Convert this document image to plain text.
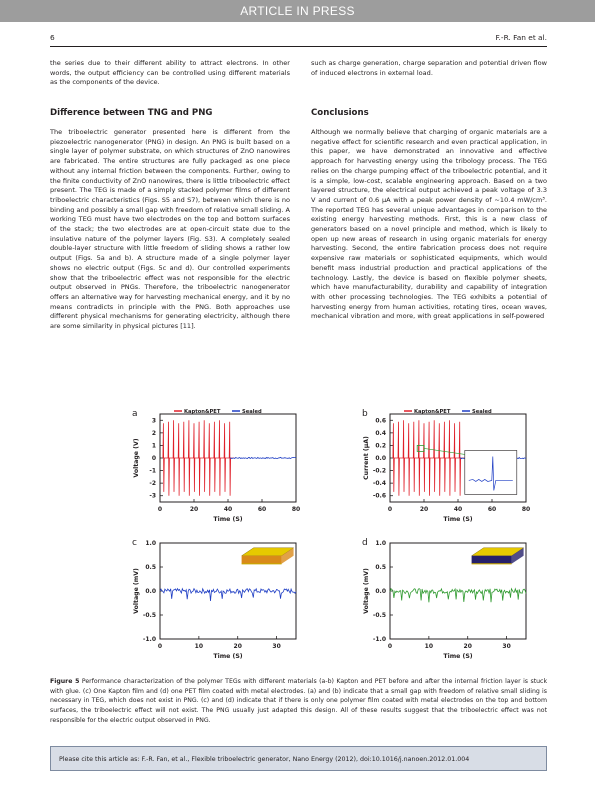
ARTICLE IN PRESS
6	F.-R. Fan et al.

the series due to their different ability to attract electrons. In other words, the output efficiency can be controlled using different materials as the components of the device.

Difference between TNG and PNG

The triboelectric generator presented here is different from the piezoelectric nanogenerator (PNG) in design. An PNG is built based on a single layer of polymer substrate, on which structures of ZnO nanowires are fabricated. The entire structures are fully packaged as one piece without any internal friction between the components. Further, owing to the finite conductivity of ZnO nanowires, there is little triboelectric effect present. The TEG is made of a simply stacked polymer films of different triboelectric characteristics (Figs. S5 and S7), between which there is no binding and possibly a small gap with freedom of relative small sliding. A working TEG must have two electrodes on the top and bottom surfaces of the stack; the two electrodes are at open-circuit state due to the insulative nature of the polymer layers (Fig. S3). A completely sealed double-layer structure with little freedom of sliding shows a rather low output (Figs. 5a and b). A structure made of a single polymer layer shows no electric output (Figs. 5c and d). Our controlled experiments show that the triboelectric effect was not responsible for the electric output observed in PNGs. Therefore, the triboelectric nanogenerator offers an alternative way for harvesting mechanical energy, and it by no means contradicts in principle with the PNG. Both approaches use different physical mechanisms for generating electricity, although there are some similarity in physical pictures [11].

such as charge generation, charge separation and potential driven flow of induced electrons in external load.

Conclusions

Although we normally believe that charging of organic materials are a negative effect for scientific research and even practical application, in this paper, we have demonstrated an innovative and effective approach for harvesting energy using the tribology process. The TEG relies on the charge pumping effect of the triboelectric potential, and it is a simple, low-cost, scalable engineering approach. Based on a two layered structure, the electrical output achieved a peak voltage of 3.3 V and current of 0.6 μA with a peak power density of ~10.4 mW/cm³. The reported TEG has several unique advantages in comparison to the existing energy harvesting methods. First, this is a new class of generators based on a novel principle and method, which is likely to open up new areas of research in using organic materials for energy harvesting. Second, the entire fabrication process does not require expensive raw materials or sophisticated equipments, which would benefit mass industrial production and practical applications of the technology. Lastly, the device is based on flexible polymer sheets, which have manufacturability, durability and capability of integration with other processing technologies. The TEG exhibits a potential of harvesting energy from human activities, rotating tires, ocean waves, mechanical vibration and more, with great applications in self-powered

a
0	20	40	60	80
3
2
1
0
-1
-2
-3
Time (S)
Voltage (V)
Kapton&PET	Sealed	b
0	20	40	60	80
0.6
0.4
0.2
0.0
-0.2
-0.4
-0.6
Time (S)
Current (μA)
Kapton&PET	Sealed
c
0	10	20	30
1.0
0.5
0.0
-0.5
-1.0
Time (S)
Voltage (mV)
d
0	10	20	30
1.0
0.5
0.0
-0.5
-1.0
Time (S)
Voltage (mV)
Figure 5 Performance characterization of the polymer TEGs with different materials (a-b) Kapton and PET before and after the internal friction layer is stuck with glue. (c) One Kapton film and (d) one PET film coated with metal electrodes. (a) and (b) indicate that a small gap with freedom of relative small sliding is necessary in TEG, which does not exist in PNG. (c) and (d) indicate that if there is only one polymer film coated with metal electrodes on the top and bottom surfaces, the triboelectric effect will not exist. The PNG usually just adapted this design. All of these results suggest that the triboelectric effect was not responsible for the electric output observed in PNG.
Please cite this article as: F.-R. Fan, et al., Flexible triboelectric generator, Nano Energy (2012), doi:10.1016/j.nanoen.2012.01.004
